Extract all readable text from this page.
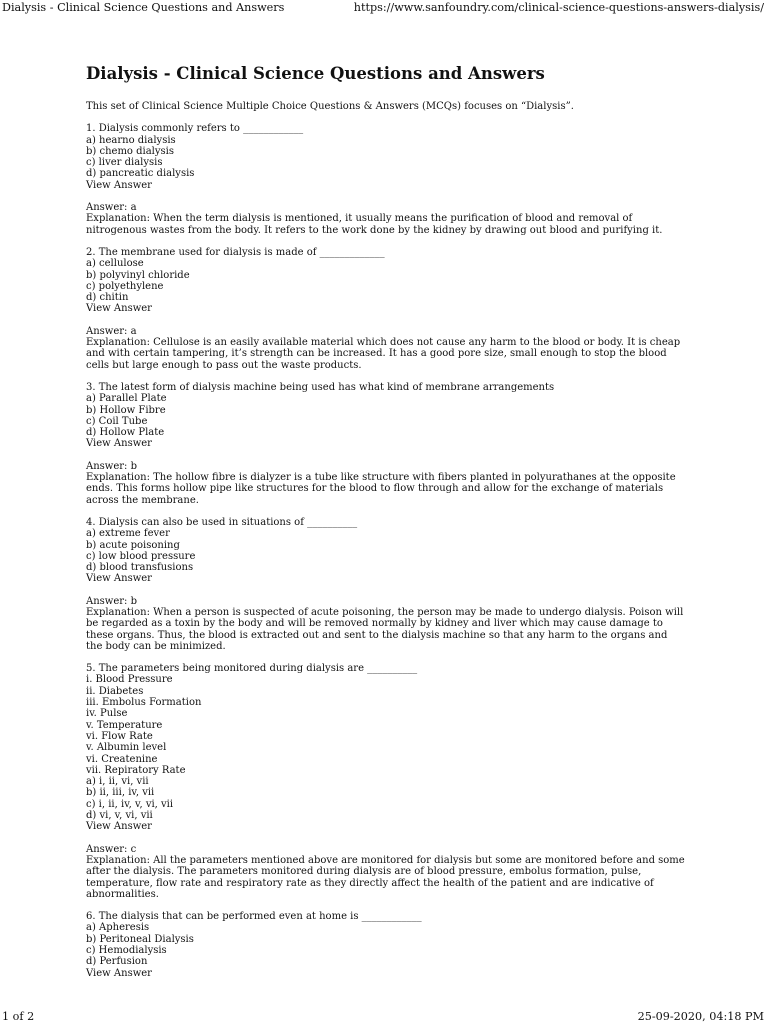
Dialysis - Clinical Science Questions and Answers	https://www.sanfoundry.com/clinical-science-questions-answers-dialysis/
Dialysis - Clinical Science Questions and Answers

This set of Clinical Science Multiple Choice Questions & Answers (MCQs) focuses on “Dialysis”.

1. Dialysis commonly refers to ____________

a) hearno dialysis

b) chemo dialysis

c) liver dialysis

d) pancreatic dialysis

View Answer

Answer: a

Explanation: When the term dialysis is mentioned, it usually means the purification of blood and removal of nitrogenous wastes from the body. It refers to the work done by the kidney by drawing out blood and purifying it.

2. The membrane used for dialysis is made of _____________

a) cellulose

b) polyvinyl chloride

c) polyethylene

d) chitin

View Answer

Answer: a

Explanation: Cellulose is an easily available material which does not cause any harm to the blood or body. It is cheap and with certain tampering, it’s strength can be increased. It has a good pore size, small enough to stop the blood cells but large enough to pass out the waste products.

3. The latest form of dialysis machine being used has what kind of membrane arrangements

a) Parallel Plate

b) Hollow Fibre

c) Coil Tube

d) Hollow Plate

View Answer

Answer: b

Explanation: The hollow fibre is dialyzer is a tube like structure with fibers planted in polyurathanes at the opposite ends. This forms hollow pipe like structures for the blood to flow through and allow for the exchange of materials across the membrane.

4. Dialysis can also be used in situations of __________

a) extreme fever

b) acute poisoning

c) low blood pressure

d) blood transfusions

View Answer

Answer: b

Explanation: When a person is suspected of acute poisoning, the person may be made to undergo dialysis. Poison will be regarded as a toxin by the body and will be removed normally by kidney and liver which may cause damage to these organs. Thus, the blood is extracted out and sent to the dialysis machine so that any harm to the organs and the body can be minimized.

5. The parameters being monitored during dialysis are __________

i. Blood Pressure

ii. Diabetes

iii. Embolus Formation

iv. Pulse

v. Temperature

vi. Flow Rate

v. Albumin level

vi. Createnine

vii. Repiratory Rate

a) i, ii, vi, vii

b) ii, iii, iv, vii

c) i, ii, iv, v, vi, vii

d) vi, v, vi, vii

View Answer

Answer: c

Explanation: All the parameters mentioned above are monitored for dialysis but some are monitored before and some after the dialysis. The parameters monitored during dialysis are of blood pressure, embolus formation, pulse, temperature, flow rate and respiratory rate as they directly affect the health of the patient and are indicative of abnormalities.

6. The dialysis that can be performed even at home is ____________

a) Apheresis

b) Peritoneal Dialysis

c) Hemodialysis

d) Perfusion

View Answer

1 of 2	25-09-2020, 04:18 PM
